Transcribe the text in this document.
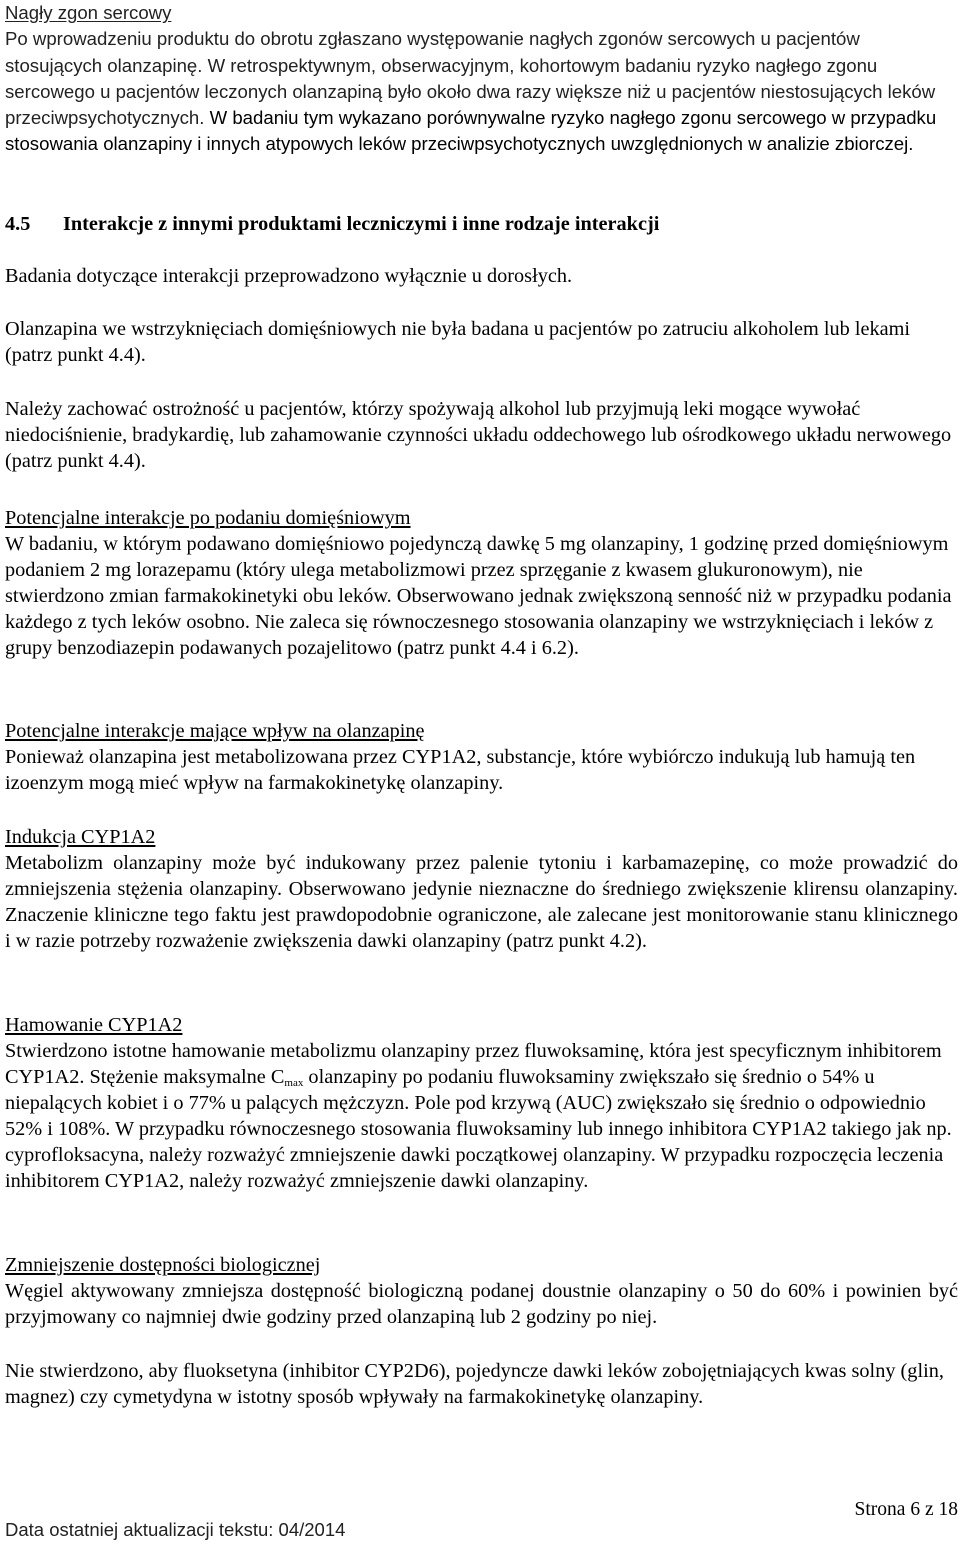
Nagły zgon sercowy

Po wprowadzeniu produktu do obrotu zgłaszano występowanie nagłych zgonów sercowych u pacjentów stosujących olanzapinę. W retrospektywnym, obserwacyjnym, kohortowym badaniu ryzyko nagłego zgonu sercowego u pacjentów leczonych olanzapiną było około dwa razy większe niż u pacjentów niestosujących leków przeciwpsychotycznych. W badaniu tym wykazano porównywalne ryzyko nagłego zgonu sercowego w przypadku stosowania olanzapiny i innych atypowych leków przeciwpsychotycznych uwzględnionych w analizie zbiorczej.

4.5 Interakcje z innymi produktami leczniczymi i inne rodzaje interakcji

Badania dotyczące interakcji przeprowadzono wyłącznie u dorosłych.

Olanzapina we wstrzyknięciach domięśniowych nie była badana u pacjentów po zatruciu alkoholem lub lekami (patrz punkt 4.4).

Należy zachować ostrożność u pacjentów, którzy spożywają alkohol lub przyjmują leki mogące wywołać niedociśnienie, bradykardię, lub zahamowanie czynności układu oddechowego lub ośrodkowego układu nerwowego (patrz punkt 4.4).

Potencjalne interakcje po podaniu domięśniowym

W badaniu, w którym podawano domięśniowo pojedynczą dawkę 5 mg olanzapiny, 1 godzinę przed domięśniowym podaniem 2 mg lorazepamu (który ulega metabolizmowi przez sprzęganie z kwasem glukuronowym), nie stwierdzono zmian farmakokinetyki obu leków. Obserwowano jednak zwiększoną senność niż w przypadku podania każdego z tych leków osobno. Nie zaleca się równoczesnego stosowania olanzapiny we wstrzyknięciach i leków z grupy benzodiazepin podawanych pozajelitowo (patrz punkt 4.4 i 6.2).

Potencjalne interakcje mające wpływ na olanzapinę

Ponieważ olanzapina jest metabolizowana przez CYP1A2, substancje, które wybiórczo indukują lub hamują ten izoenzym mogą mieć wpływ na farmakokinetykę olanzapiny.

Indukcja CYP1A2

Metabolizm olanzapiny może być indukowany przez palenie tytoniu i karbamazepinę, co może prowadzić do zmniejszenia stężenia olanzapiny. Obserwowano jedynie nieznaczne do średniego zwiększenie klirensu olanzapiny. Znaczenie kliniczne tego faktu jest prawdopodobnie ograniczone, ale zalecane jest monitorowanie stanu klinicznego i w razie potrzeby rozważenie zwiększenia dawki olanzapiny (patrz punkt 4.2).

Hamowanie CYP1A2

Stwierdzono istotne hamowanie metabolizmu olanzapiny przez fluwoksaminę, która jest specyficznym inhibitorem CYP1A2. Stężenie maksymalne $C_{max}$ olanzapiny po podaniu fluwoksaminy zwiększało się średnio o 54% u niepalących kobiet i o 77% u palących mężczyzn. Pole pod krzywą (AUC) zwiększało się średnio o odpowiednio 52% i 108%. W przypadku równoczesnego stosowania fluwoksaminy lub innego inhibitora CYP1A2 takiego jak np. cyprofloksacyna, należy rozważyć zmniejszenie dawki początkowej olanzapiny. W przypadku rozpoczęcia leczenia inhibitorem CYP1A2, należy rozważyć zmniejszenie dawki olanzapiny.

Zmniejszenie dostępności biologicznej

Węgiel aktywowany zmniejsza dostępność biologiczną podanej doustnie olanzapiny o 50 do 60% i powinien być przyjmowany co najmniej dwie godziny przed olanzapiną lub 2 godziny po niej.

Nie stwierdzono, aby fluoksetyna (inhibitor CYP2D6), pojedyncze dawki leków zobojętniających kwas solny (glin, magnez) czy cymetydyna w istotny sposób wpływały na farmakokinetykę olanzapiny.

Strona 6 z 18
Data ostatniej aktualizacji tekstu: 04/2014
